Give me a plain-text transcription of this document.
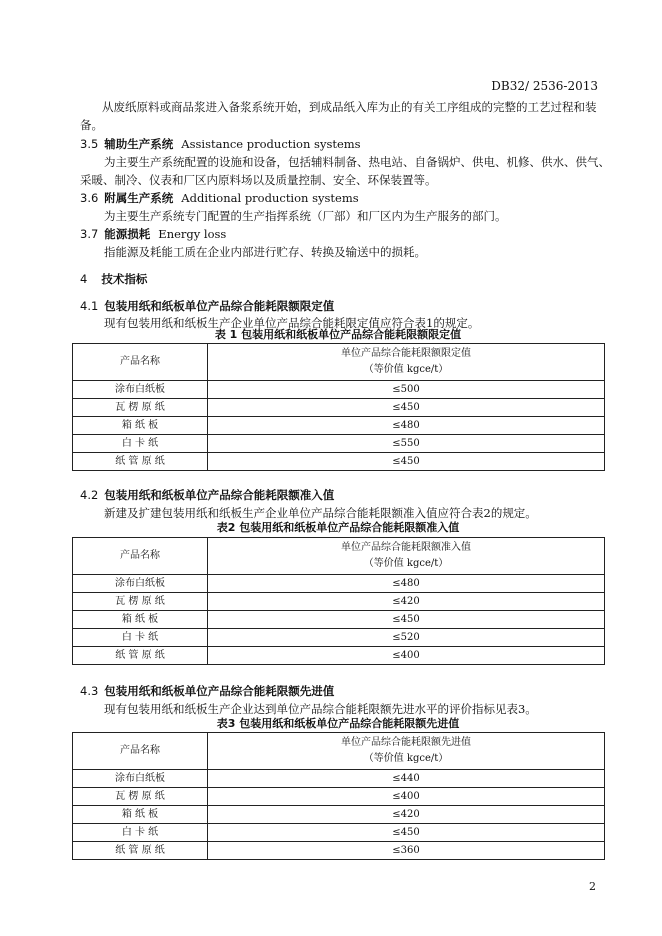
DB32/ 2536-2013
从废纸原料或商品浆进入备浆系统开始，到成品纸入库为止的有关工序组成的完整的工艺过程和装
备。
3.5 辅助生产系统 Assistance production systems
为主要生产系统配置的设施和设备，包括辅料制备、热电站、自备锅炉、供电、机修、供水、供气、
采暖、制冷、仪表和厂区内原料场以及质量控制、安全、环保装置等。
3.6 附属生产系统 Additional production systems
为主要生产系统专门配置的生产指挥系统（厂部）和厂区内为生产服务的部门。
3.7 能源损耗 Energy loss
指能源及耗能工质在企业内部进行贮存、转换及输送中的损耗。
4 技术指标
4.1 包装用纸和纸板单位产品综合能耗限额限定值
现有包装用纸和纸板生产企业单位产品综合能耗限定值应符合表1的规定。
表 1 包装用纸和纸板单位产品综合能耗限额限定值
产品名称	单位产品综合能耗限额限定值
（等价值 kgce/t）

涂布白纸板	≤500
瓦 楞 原 纸	≤450
箱 纸 板	≤480
白 卡 纸	≤550
纸 管 原 纸	≤450
4.2 包装用纸和纸板单位产品综合能耗限额准入值
新建及扩建包装用纸和纸板生产企业单位产品综合能耗限额准入值应符合表2的规定。
表2 包装用纸和纸板单位产品综合能耗限额准入值
产品名称	单位产品综合能耗限额准入值
（等价值 kgce/t）

涂布白纸板	≤480
瓦 楞 原 纸	≤420
箱 纸 板	≤450
白 卡 纸	≤520
纸 管 原 纸	≤400
4.3 包装用纸和纸板单位产品综合能耗限额先进值
现有包装用纸和纸板生产企业达到单位产品综合能耗限额先进水平的评价指标见表3。
表3 包装用纸和纸板单位产品综合能耗限额先进值
产品名称	单位产品综合能耗限额先进值
（等价值 kgce/t）

涂布白纸板	≤440
瓦 楞 原 纸	≤400
箱 纸 板	≤420
白 卡 纸	≤450
纸 管 原 纸	≤360
2
